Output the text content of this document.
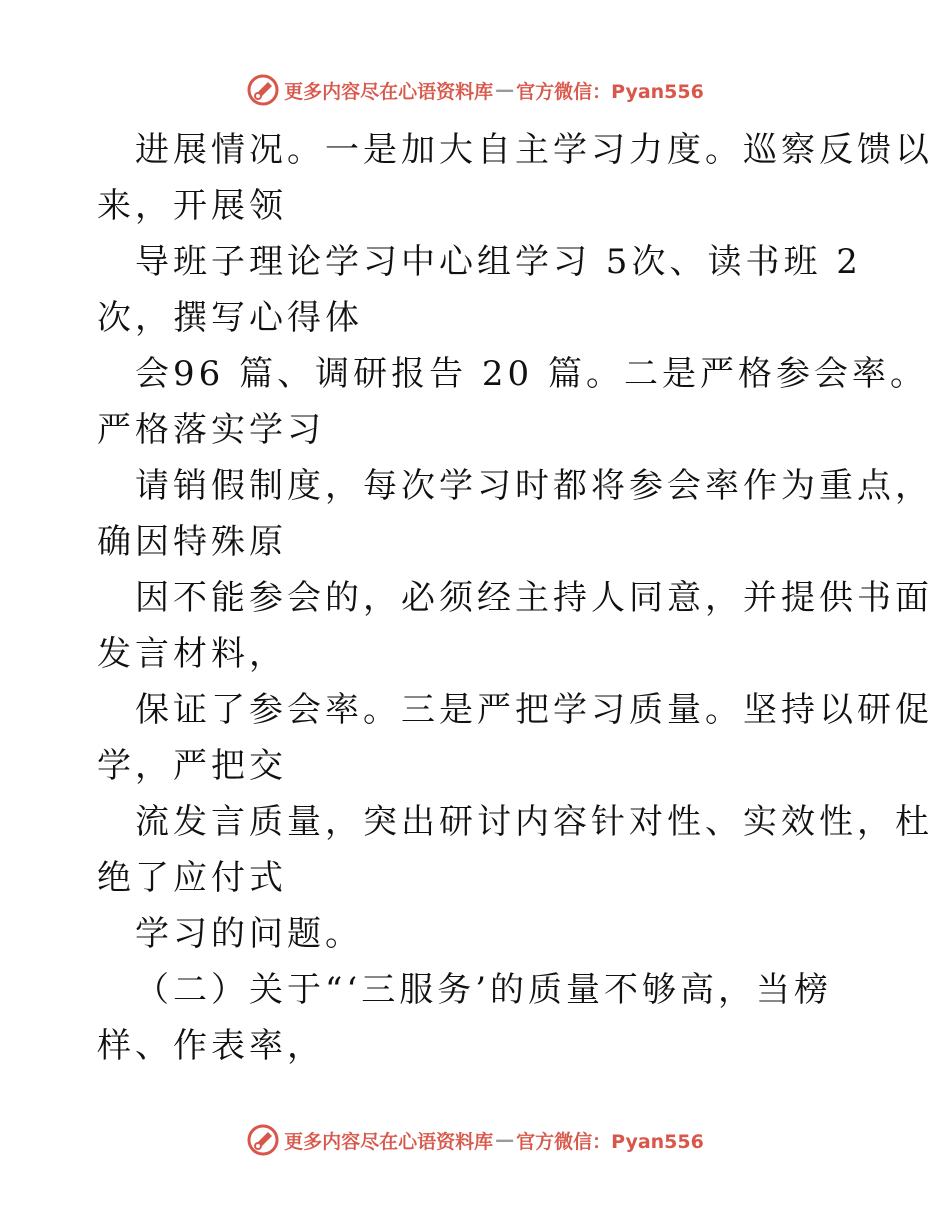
更多内容尽在心语资料库 — 官方微信：Pyan556
进展情况。一是加大自主学习力度。巡察反馈以
来，开展领
导班子理论学习中心组学习 5次、读书班 2
次，撰写心得体
会96 篇、调研报告 20 篇。二是严格参会率。
严格落实学习
请销假制度，每次学习时都将参会率作为重点，
确因特殊原
因不能参会的，必须经主持人同意，并提供书面
发言材料，
保证了参会率。三是严把学习质量。坚持以研促
学，严把交
流发言质量，突出研讨内容针对性、实效性，杜
绝了应付式
学习的问题。
（二）关于“‘三服务’的质量不够高，当榜
样、作表率，
更多内容尽在心语资料库 — 官方微信：Pyan556
